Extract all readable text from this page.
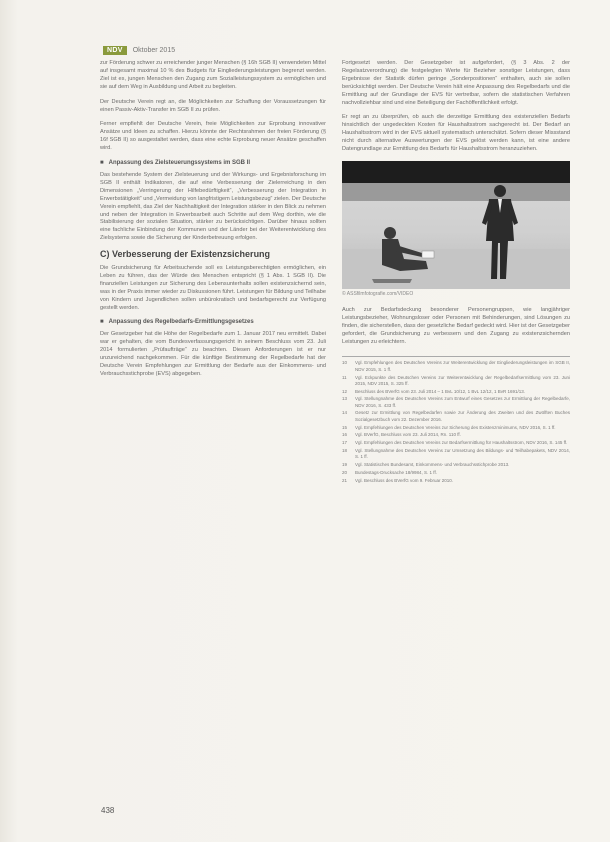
NDV	Oktober 2015

zur Förderung schwer zu erreichender junger Menschen (§ 16h SGB II) verwendeten Mittel auf insgesamt maximal 10 % des Budgets für Eingliederungsleistungen begrenzt werden. Ziel ist es, jungen Menschen den Zugang zum Sozialleistungssystem zu ermöglichen und sie auf dem Weg in Ausbildung und Arbeit zu begleiten.

Der Deutsche Verein regt an, die Möglichkeiten zur Schaffung der Voraussetzungen für einen Passiv-Aktiv-Transfer im SGB II zu prüfen.

Ferner empfiehlt der Deutsche Verein, freie Möglichkeiten zur Erprobung innovativer Ansätze und Ideen zu schaffen. Hierzu könnte der Rechtsrahmen der freien Förderung (§ 16f SGB II) so ausgestaltet werden, dass eine echte Erprobung neuer Ansätze geschaffen wird.

■ Anpassung des Zielsteuerungssystems im SGB II

Das bestehende System der Zielsteuerung und der Wirkungs- und Ergebnisforschung im SGB II enthält Indikatoren, die auf eine Verbesserung der Zielerreichung in den Dimensionen „Verringerung der Hilfebedürftigkeit“, „Verbesserung der Integration in Erwerbstätigkeit“ und „Vermeidung von langfristigem Leistungsbezug“ zielen. Der Deutsche Verein empfiehlt, das Ziel der Nachhaltigkeit der Integration stärker in den Blick zu nehmen und neben der Integration in Erwerbsarbeit auch Schritte auf dem Weg dorthin, wie die Stabilisierung der sozialen Situation, stärker zu berücksichtigen. Darüber hinaus sollten eine fachliche Einbindung der Kommunen und der Länder bei der Weiterentwicklung des Zielsystems sowie die Sicherung der Kinderbetreuung erfolgen.

C) Verbesserung der Existenzsicherung

Die Grundsicherung für Arbeitsuchende soll es Leistungsberechtigten ermöglichen, ein Leben zu führen, das der Würde des Menschen entspricht (§ 1 Abs. 1 SGB II). Die finanziellen Leistungen zur Sicherung des Lebensunterhalts sollen existenzsichernd sein, was in der Praxis immer wieder zu Diskussionen führt. Leistungen für Bildung und Teilhabe von Kindern und Jugendlichen sollen unbürokratisch und bedarfsgerecht zur Verfügung gestellt werden.

■ Anpassung des Regelbedarfs-Ermittlungsgesetzes

Der Gesetzgeber hat die Höhe der Regelbedarfe zum 1. Januar 2017 neu ermittelt. Dabei war er gehalten, die vom Bundesverfassungsgericht in seinem Beschluss vom 23. Juli 2014 formulierten „Prüfaufträge“ zu beachten. Diesen Anforderungen ist er nur unzureichend nachgekommen. Für die künftige Bestimmung der Regelbedarfe hat der Deutsche Verein Empfehlungen zur Ermittlung der Bedarfe aus der Einkommens- und Verbrauchsstichprobe (EVS) abgegeben.

Fortgesetzt werden. Der Gesetzgeber ist aufgefordert, (§ 3 Abs. 2 der Regelsatzverordnung) die festgelegten Werte für Bezieher sonstiger Leistungen, dass Ergebnisse der Statistik dürfen geringe „Sonderpositionen“ enthalten, auch sie sollen berücksichtigt werden. Der Deutsche Verein hält eine Anpassung des Regelbedarfs und die Ermittlung auf der Grundlage der EVS für vertretbar, sofern die statistischen Verfahren nachvollziehbar sind und eine Beteiligung der Fachöffentlichkeit erfolgt.

Er regt an zu überprüfen, ob auch die derzeitige Ermittlung des existenziellen Bedarfs hinsichtlich der ungedeckten Kosten für Haushaltsstrom sachgerecht ist. Der Bedarf an Haushaltsstrom wird in der EVS aktuell systematisch unterschätzt. Sofern dieser Missstand nicht durch alternative Auswertungen der EVS gelöst werden kann, ist eine andere Datengrundlage zur Ermittlung des Bedarfs für Haushaltsstrom heranzuziehen.

© ASSfilmfotografie.com/VIDEO

Auch zur Bedarfsdeckung besonderer Personengruppen, wie langjähriger Leistungsbezieher, Wohnungsloser oder Personen mit Behinderungen, sind Lösungen zu finden, die sicherstellen, dass der gesetzliche Bedarf gedeckt wird. Hier ist der Gesetzgeber gefordert, die Grundsicherung zu verbessern und den Zugang zu existenzsichernden Leistungen zu erleichtern.

10	Vgl. Empfehlungen des Deutschen Vereins zur Weiterentwicklung der Eingliederungsleistungen im SGB II, NDV 2015, S. 1 ff.
11	Vgl. Eckpunkte des Deutschen Vereins zur Weiterentwicklung der Regelbedarfsermittlung vom 23. Juni 2015, NDV 2015, S. 325 ff.
12	Beschluss des BVerfG vom 23. Juli 2014 – 1 BvL 10/12, 1 BvL 12/12, 1 BvR 1691/13.
13	Vgl. Stellungnahme des Deutschen Vereins zum Entwurf eines Gesetzes zur Ermittlung der Regelbedarfe, NDV 2016, S. 433 ff.
14	Gesetz zur Ermittlung von Regelbedarfen sowie zur Änderung des Zweiten und des Zwölften Buches Sozialgesetzbuch vom 22. Dezember 2016.
15	Vgl. Empfehlungen des Deutschen Vereins zur Sicherung des Existenzminimums, NDV 2016, S. 1 ff.
16	Vgl. BVerfG, Beschluss vom 23. Juli 2014, Rn. 110 ff.
17	Vgl. Empfehlungen des Deutschen Vereins zur Bedarfsermittlung für Haushaltsstrom, NDV 2016, S. 145 ff.
18	Vgl. Stellungnahme des Deutschen Vereins zur Umsetzung des Bildungs- und Teilhabepakets, NDV 2014, S. 1 ff.
19	Vgl. Statistisches Bundesamt, Einkommens- und Verbrauchsstichprobe 2013.
20	Bundestags-Drucksache 18/9984, S. 1 ff.
21	Vgl. Beschluss des BVerfG vom 9. Februar 2010.
438
